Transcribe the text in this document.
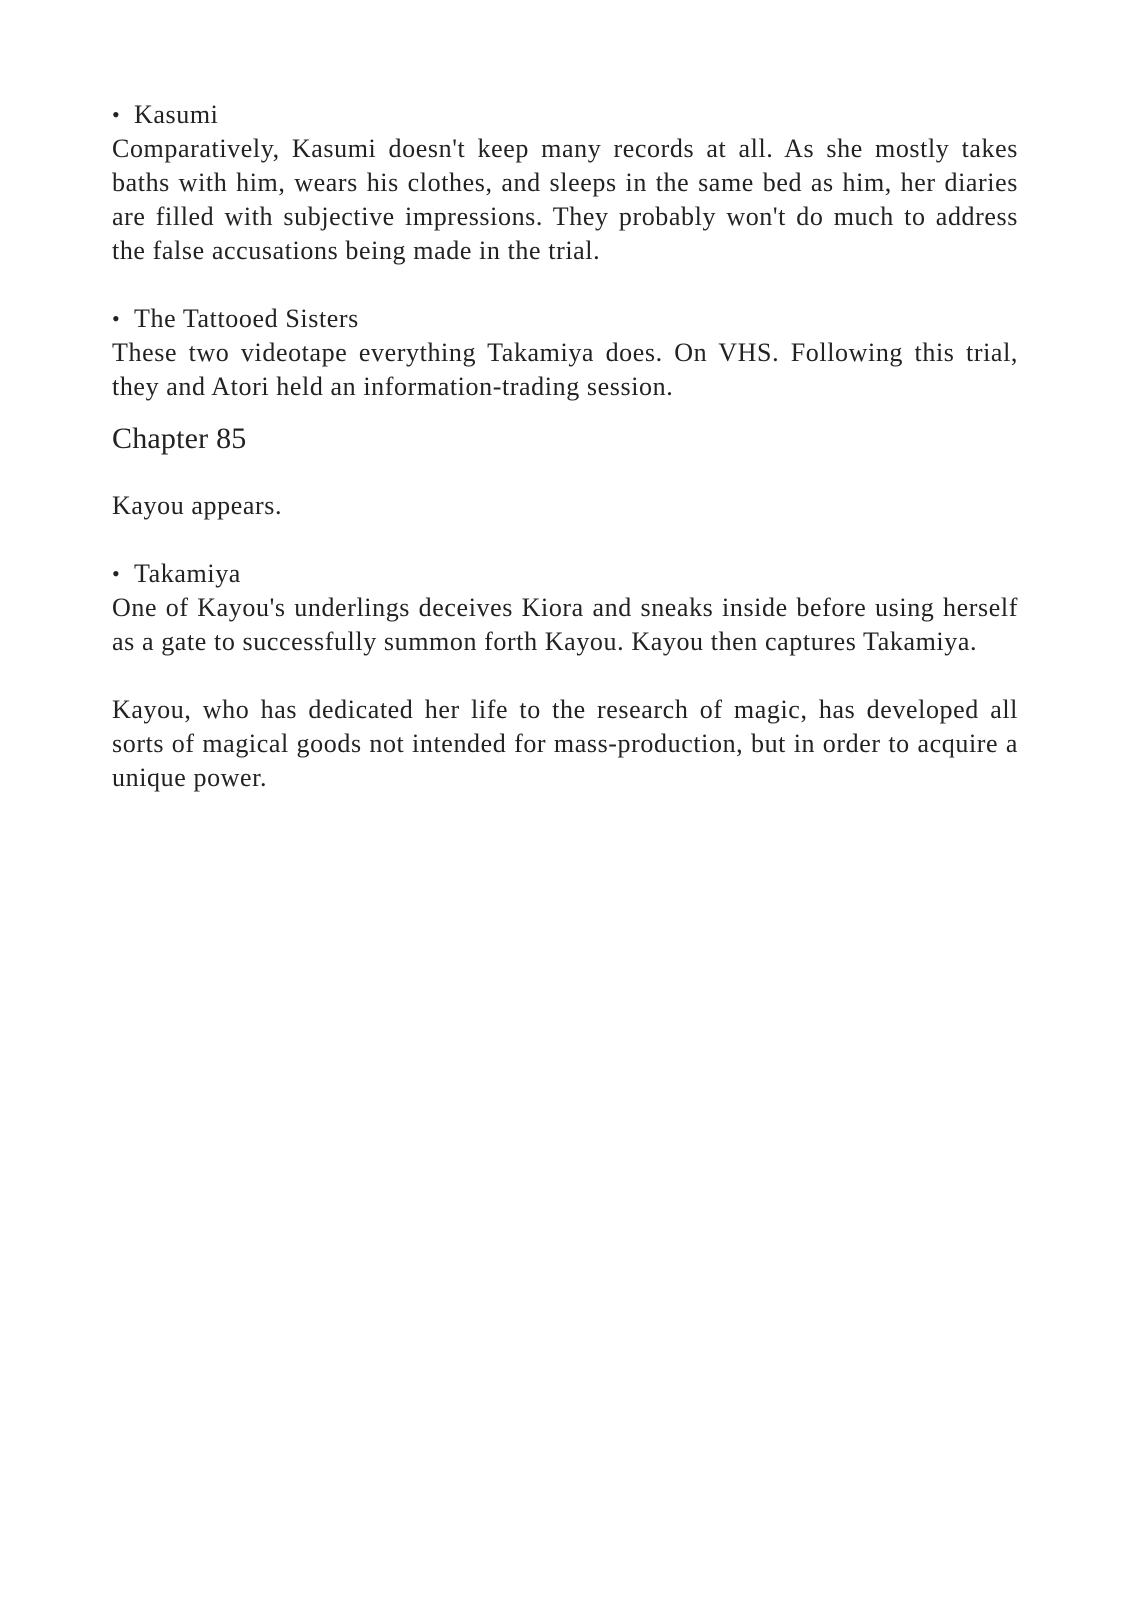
• Kasumi
Comparatively, Kasumi doesn't keep many records at all. As she mostly takes baths with him, wears his clothes, and sleeps in the same bed as him, her diaries are filled with subjective impressions. They probably won't do much to address the false accusations being made in the trial.
• The Tattooed Sisters
These two videotape everything Takamiya does. On VHS. Following this trial, they and Atori held an information-trading session.
Chapter 85
Kayou appears.
• Takamiya
One of Kayou's underlings deceives Kiora and sneaks inside before using herself as a gate to successfully summon forth Kayou. Kayou then captures Takamiya.
Kayou, who has dedicated her life to the research of magic, has developed all sorts of magical goods not intended for mass-production, but in order to acquire a unique power.
